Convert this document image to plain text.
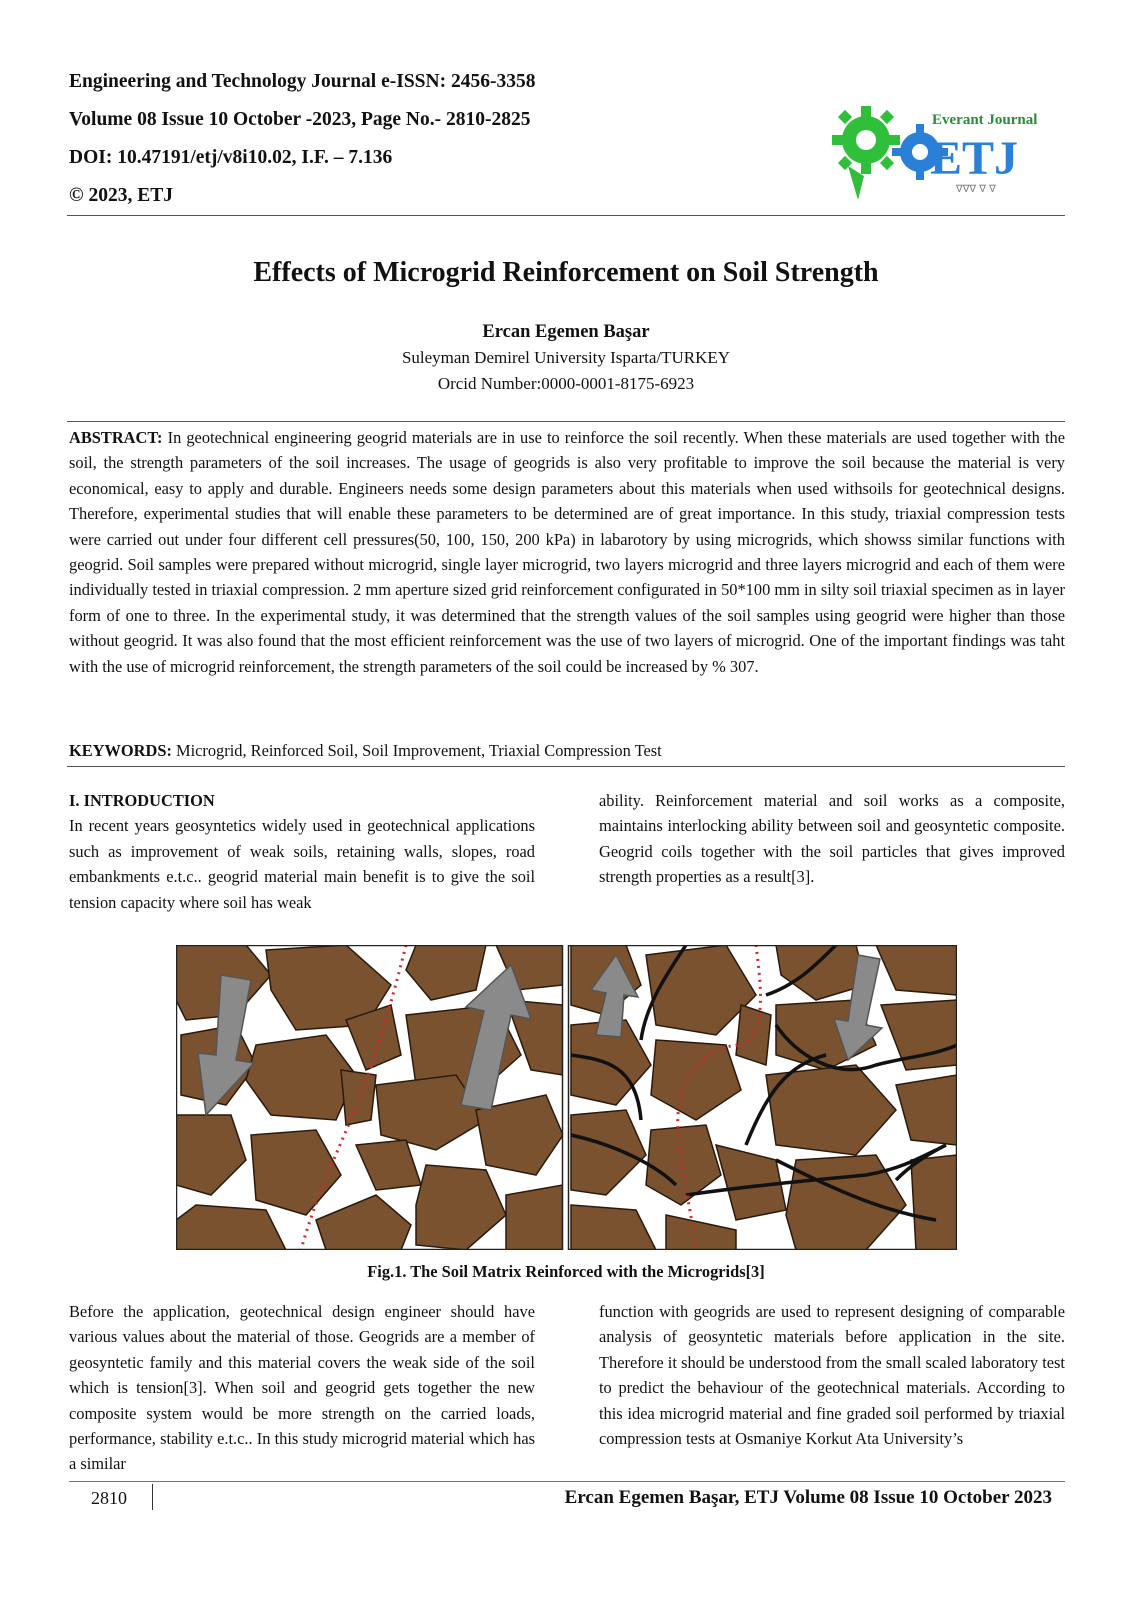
Engineering and Technology Journal e-ISSN: 2456-3358
Volume 08 Issue 10 October -2023, Page No.- 2810-2825
DOI: 10.47191/etj/v8i10.02, I.F. – 7.136
© 2023, ETJ
Everant Journal
ETJ
∇∇∇ ∇ ∇
Effects of Microgrid Reinforcement on Soil Strength
Ercan Egemen Başar
Suleyman Demirel University Isparta/TURKEY
Orcid Number:0000-0001-8175-6923
ABSTRACT: In geotechnical engineering geogrid materials are in use to reinforce the soil recently. When these materials are used together with the soil, the strength parameters of the soil increases. The usage of geogrids is also very profitable to improve the soil because the material is very economical, easy to apply and durable. Engineers needs some design parameters about this materials when used withsoils for geotechnical designs. Therefore, experimental studies that will enable these parameters to be determined are of great importance. In this study, triaxial compression tests were carried out under four different cell pressures(50, 100, 150, 200 kPa) in labarotory by using microgrids, which showss similar functions with geogrid. Soil samples were prepared without microgrid, single layer microgrid, two layers microgrid and three layers microgrid and each of them were individually tested in triaxial compression. 2 mm aperture sized grid reinforcement configurated in 50*100 mm in silty soil triaxial specimen as in layer form of one to three. In the experimental study, it was determined that the strength values of the soil samples using geogrid were higher than those without geogrid. It was also found that the most efficient reinforcement was the use of two layers of microgrid. One of the important findings was taht with the use of microgrid reinforcement, the strength parameters of the soil could be increased by % 307.
KEYWORDS: Microgrid, Reinforced Soil, Soil Improvement, Triaxial Compression Test
I. INTRODUCTION
In recent years geosyntetics widely used in geotechnical applications such as improvement of weak soils, retaining walls, slopes, road embankments e.t.c.. geogrid material main benefit is to give the soil tension capacity where soil has weak
ability. Reinforcement material and soil works as a composite, maintains interlocking ability between soil and geosyntetic composite. Geogrid coils together with the soil particles that gives improved strength properties as a result[3].
Fig.1. The Soil Matrix Reinforced with the Microgrids[3]
Before the application, geotechnical design engineer should have various values about the material of those. Geogrids are a member of geosyntetic family and this material covers the weak side of the soil which is tension[3]. When soil and geogrid gets together the new composite system would be more strength on the carried loads, performance, stability e.t.c.. In this study microgrid material which has a similar
function with geogrids are used to represent designing of comparable analysis of geosyntetic materials before application in the site. Therefore it should be understood from the small scaled laboratory test to predict the behaviour of the geotechnical materials. According to this idea microgrid material and fine graded soil performed by triaxial compression tests at Osmaniye Korkut Ata University’s
2810	Ercan Egemen Başar, ETJ Volume 08 Issue 10 October 2023
